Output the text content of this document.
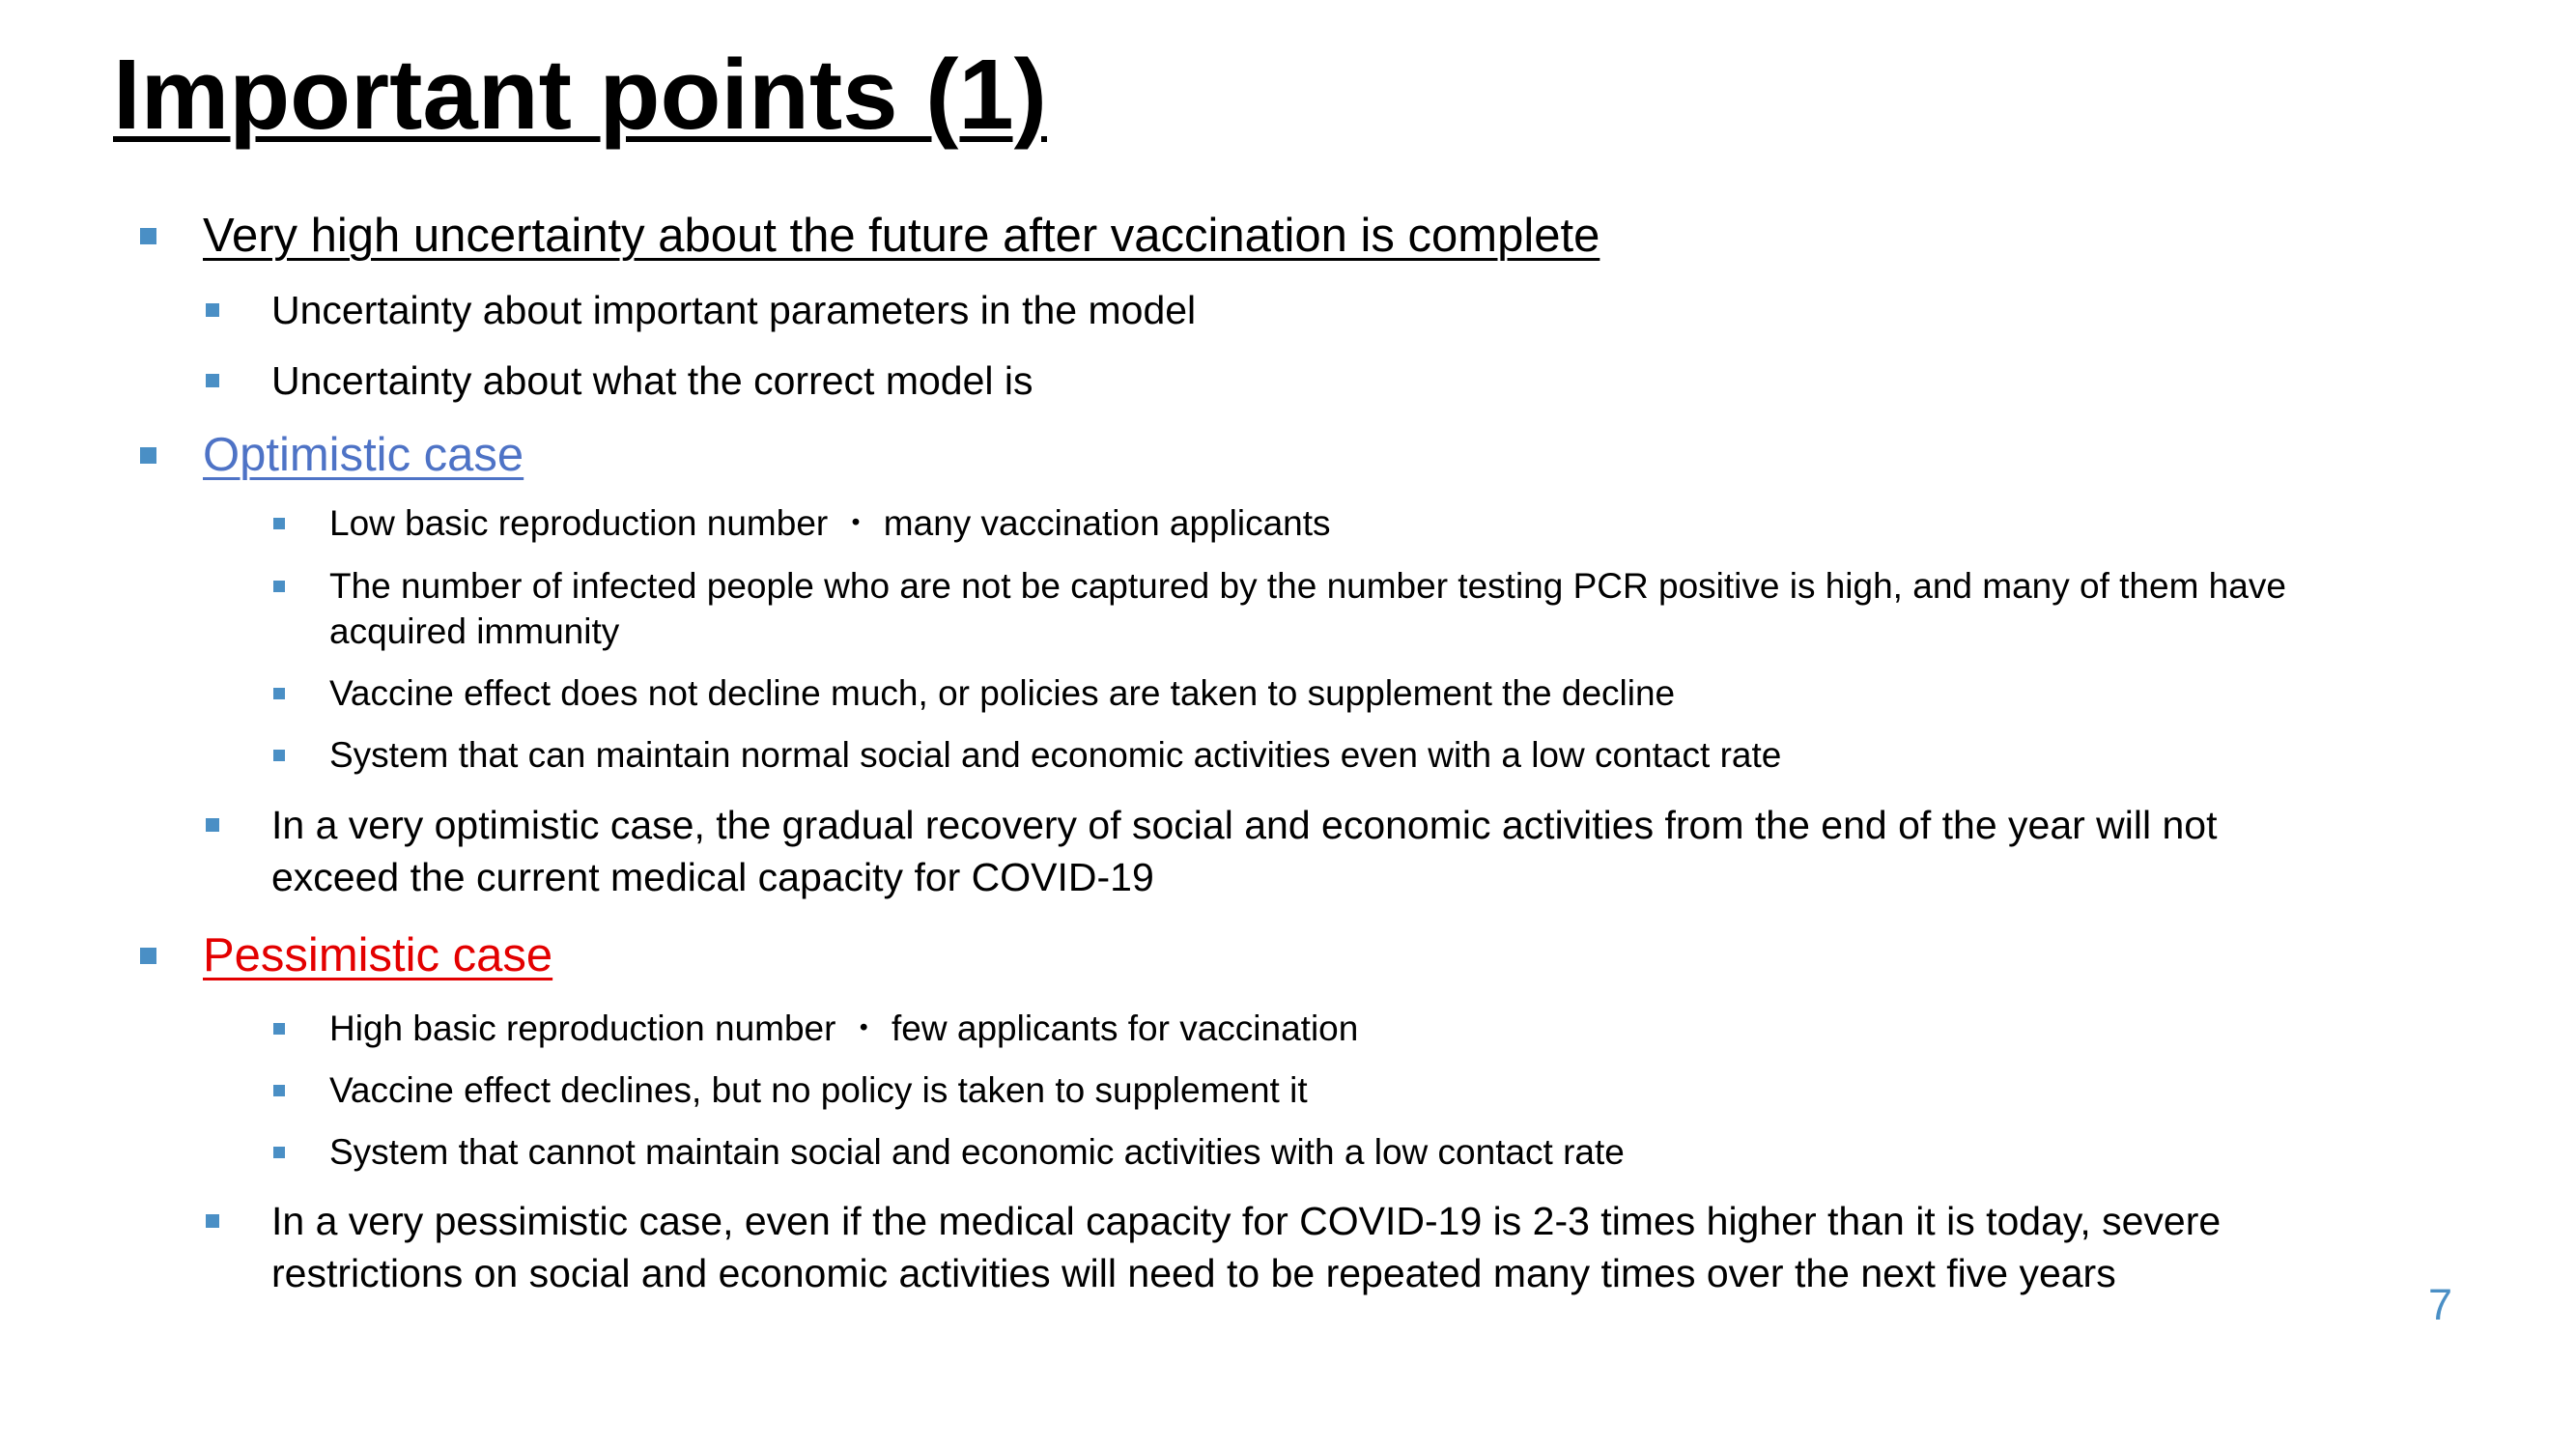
Important points (1)
Very high uncertainty about the future after vaccination is complete
Uncertainty about important parameters in the model
Uncertainty about what the correct model is
Optimistic case
Low basic reproduction number ・ many vaccination applicants
The number of infected people who are not be captured by the number testing PCR positive is high, and many of them have
acquired immunity
Vaccine effect does not decline much, or policies are taken to supplement the decline
System that can maintain normal social and economic activities even with a low contact rate
In a very optimistic case, the gradual recovery of social and economic activities from the end of the year will not
exceed the current medical capacity for COVID-19
Pessimistic case
High basic reproduction number ・ few applicants for vaccination
Vaccine effect declines, but no policy is taken to supplement it
System that cannot maintain social and economic activities with a low contact rate
In a very pessimistic case, even if the medical capacity for COVID-19 is 2-3 times higher than it is today, severe
restrictions on social and economic activities will need to be repeated many times over the next five years
7
